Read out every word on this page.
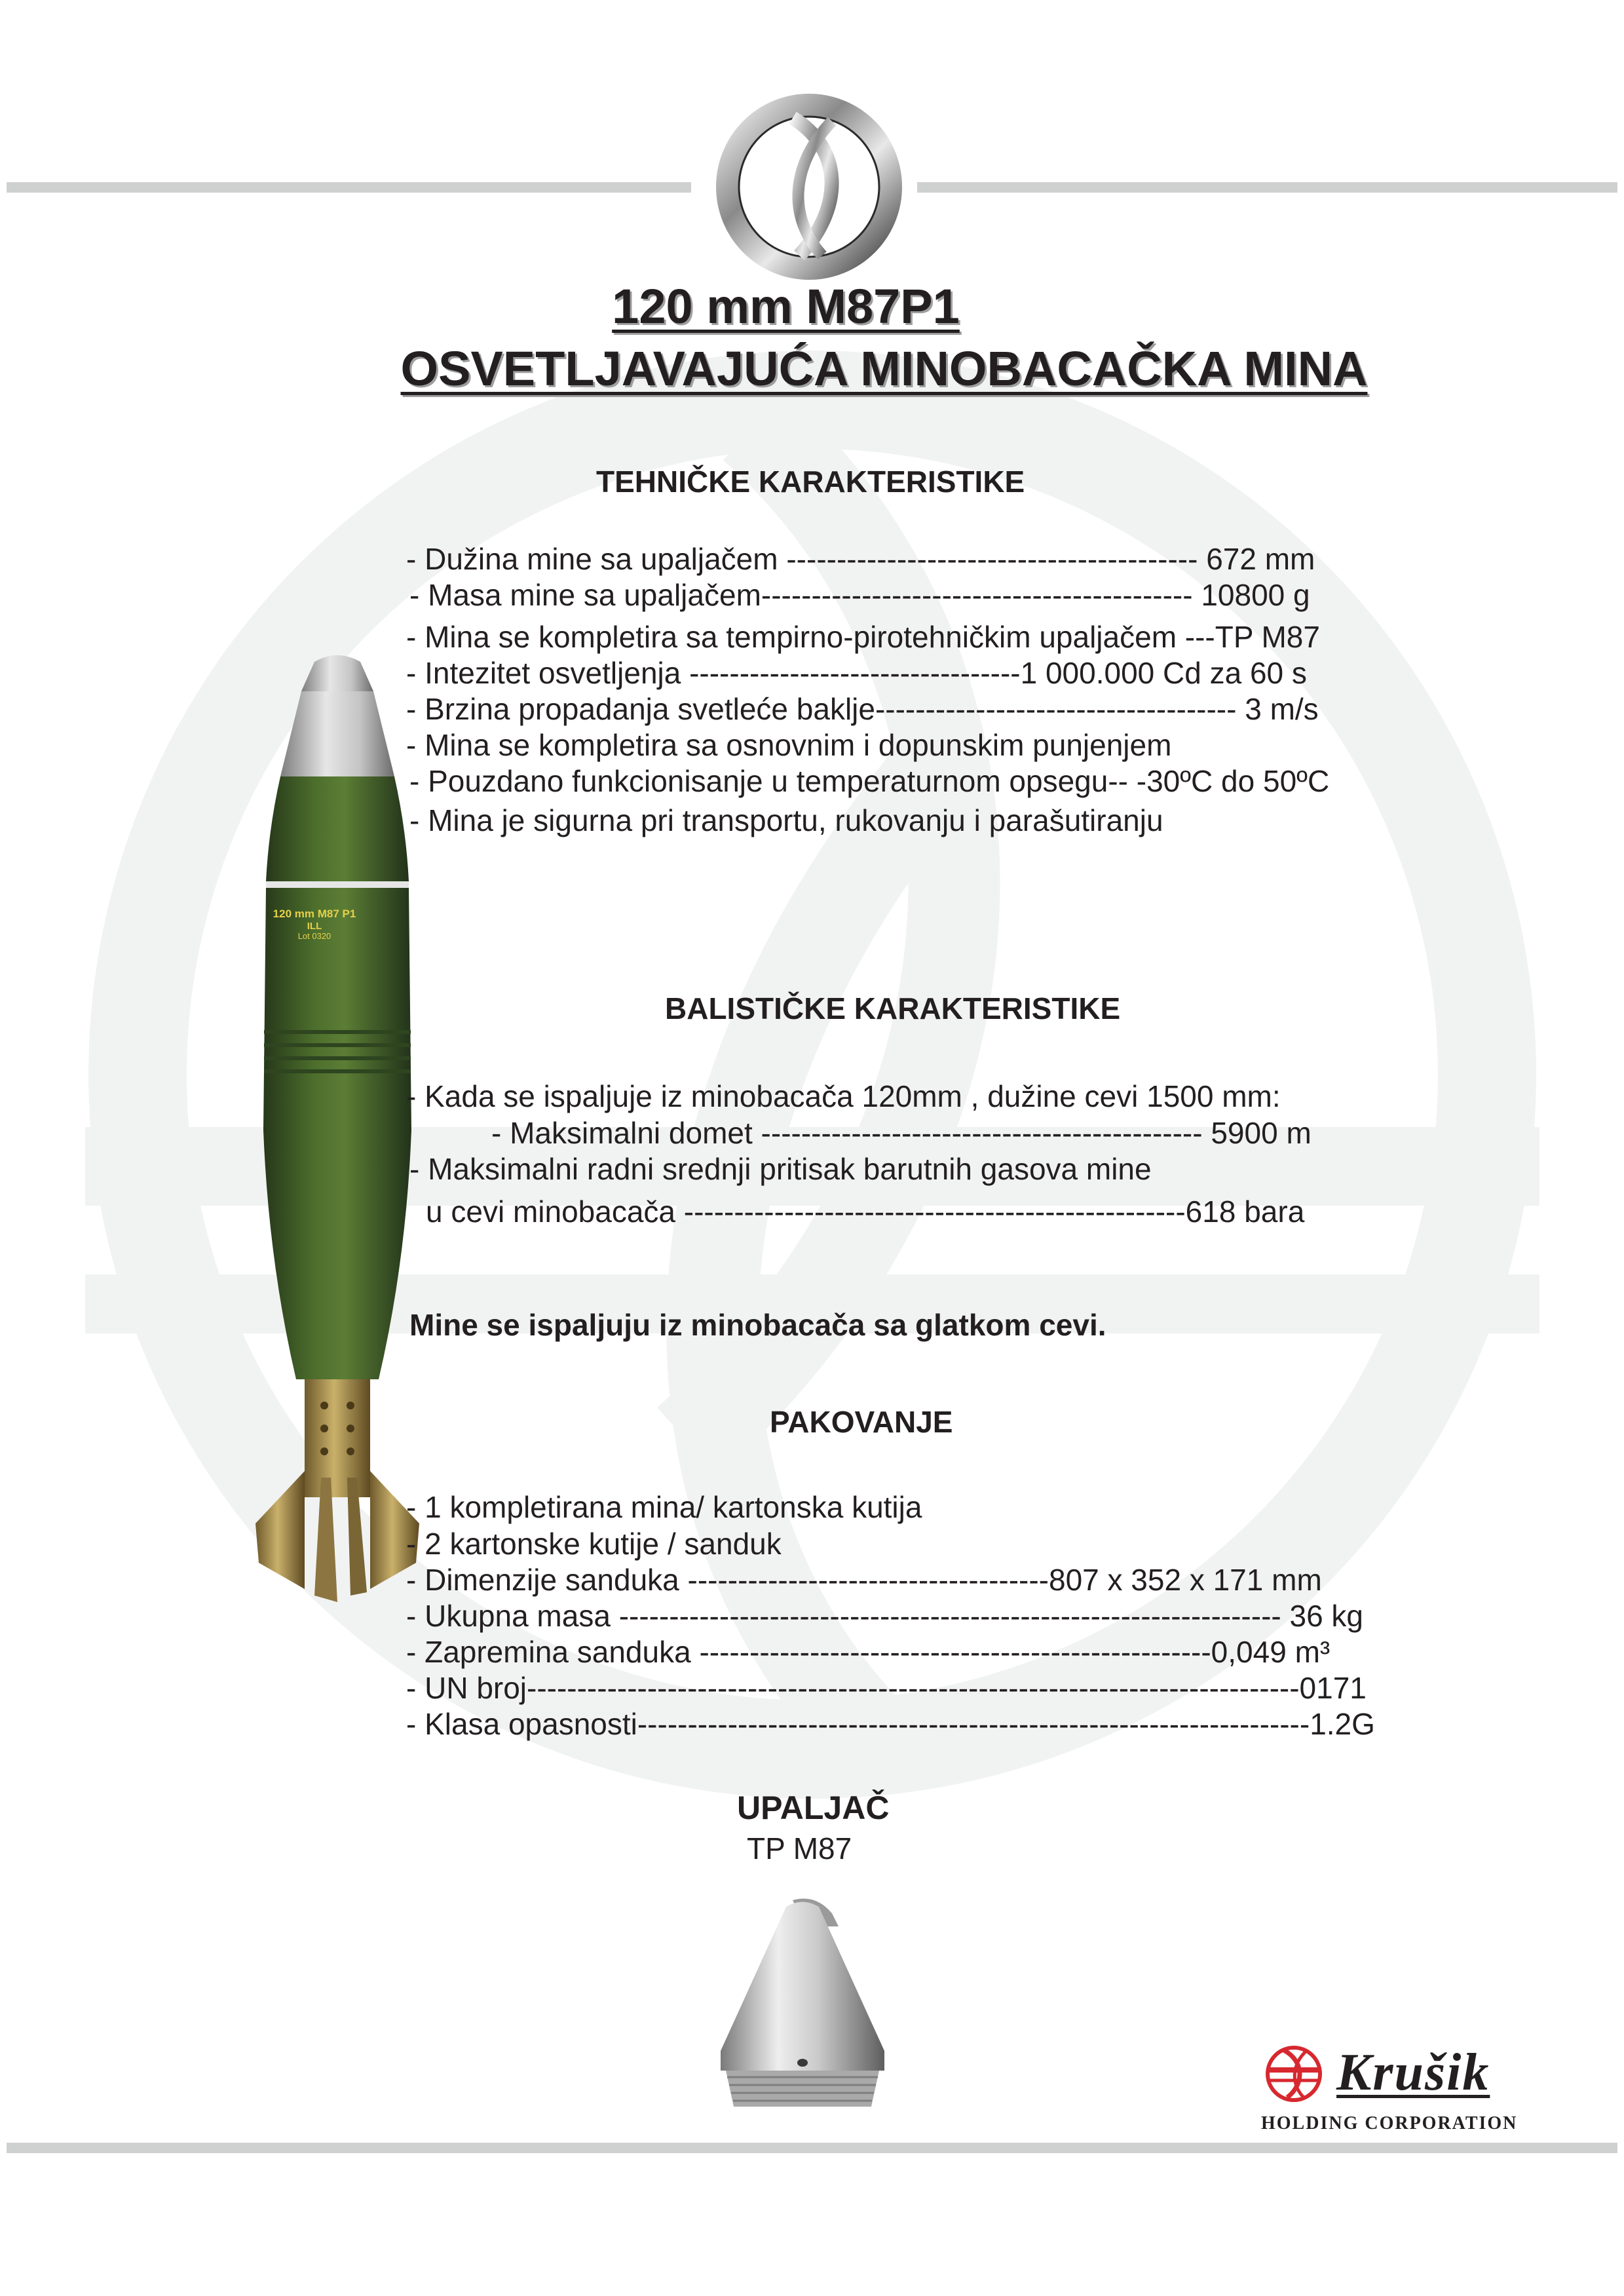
120 mm M87P1
OSVETLJAVAJUĆA MINOBACAČKA MINA
120 mm M87 P1
ILL
Lot 0320
TEHNIČKE KARAKTERISTIKE
- Dužina mine sa upaljačem ----------------------------------------- 672 mm
- Masa mine sa upaljačem------------------------------------------- 10800 g
- Mina se kompletira sa tempirno-pirotehničkim upaljačem ---TP M87
- Intezitet osvetljenja ---------------------------------1 000.000 Cd za 60 s
- Brzina propadanja svetleće baklje------------------------------------ 3 m/s
- Mina se kompletira sa osnovnim i dopunskim punjenjem
- Pouzdano funkcionisanje u temperaturnom opsegu-- -30ºC do 50ºC
- Mina je sigurna pri transportu, rukovanju i parašutiranju
BALISTIČKE KARAKTERISTIKE
- Kada se ispaljuje iz minobacača 120mm , dužine cevi 1500 mm:
- Maksimalni domet -------------------------------------------- 5900 m
- Maksimalni radni srednji pritisak barutnih gasova mine
u cevi minobacača --------------------------------------------------618 bara
Mine se ispaljuju iz minobacača sa glatkom cevi.
PAKOVANJE
- 1 kompletirana mina/ kartonska kutija
- 2 kartonske kutije / sanduk
- Dimenzije sanduka ------------------------------------807 x 352 x 171 mm
- Ukupna masa ------------------------------------------------------------------ 36 kg
- Zapremina sanduka ---------------------------------------------------0,049 m³
- UN broj-----------------------------------------------------------------------------0171
- Klasa opasnosti-------------------------------------------------------------------1.2G
UPALJAČ
TP M87
Krušik
HOLDING CORPORATION
